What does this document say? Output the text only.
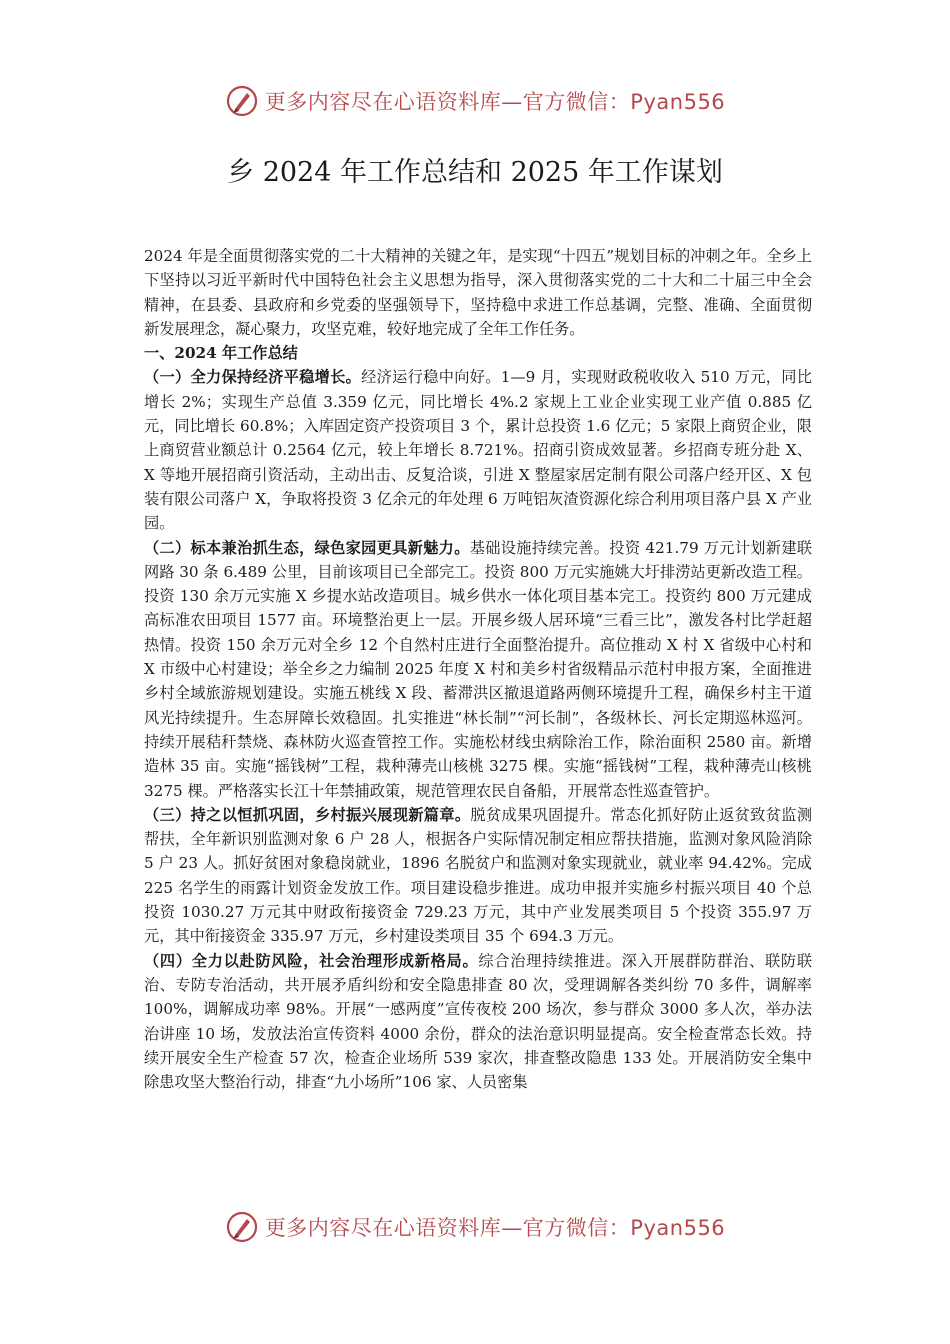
更多内容尽在心语资料库—官方微信：Pyan556
乡 2024 年工作总结和 2025 年工作谋划

2024 年是全面贯彻落实党的二十大精神的关键之年，是实现“十四五”规划目标的冲刺之年。全乡上下坚持以习近平新时代中国特色社会主义思想为指导，深入贯彻落实党的二十大和二十届三中全会精神，在县委、县政府和乡党委的坚强领导下，坚持稳中求进工作总基调，完整、准确、全面贯彻新发展理念，凝心聚力，攻坚克难，较好地完成了全年工作任务。

一、2024 年工作总结

（一）全力保持经济平稳增长。经济运行稳中向好。1—9 月，实现财政税收收入 510 万元，同比增长 2%；实现生产总值 3.359 亿元，同比增长 4%.2 家规上工业企业实现工业产值 0.885 亿元，同比增长 60.8%；入库固定资产投资项目 3 个，累计总投资 1.6 亿元；5 家限上商贸企业，限上商贸营业额总计 0.2564 亿元，较上年增长 8.721%。招商引资成效显著。乡招商专班分赴 X、X 等地开展招商引资活动，主动出击、反复洽谈，引进 X 整屋家居定制有限公司落户经开区、X 包装有限公司落户 X，争取将投资 3 亿余元的年处理 6 万吨铝灰渣资源化综合利用项目落户县 X 产业园。

（二）标本兼治抓生态，绿色家园更具新魅力。基础设施持续完善。投资 421.79 万元计划新建联网路 30 条 6.489 公里，目前该项目已全部完工。投资 800 万元实施姚大圩排涝站更新改造工程。投资 130 余万元实施 X 乡提水站改造项目。城乡供水一体化项目基本完工。投资约 800 万元建成高标准农田项目 1577 亩。环境整治更上一层。开展乡级人居环境“三看三比”，激发各村比学赶超热情。投资 150 余万元对全乡 12 个自然村庄进行全面整治提升。高位推动 X 村 X 省级中心村和 X 市级中心村建设；举全乡之力编制 2025 年度 X 村和美乡村省级精品示范村申报方案，全面推进乡村全域旅游规划建设。实施五桃线 X 段、蓄滞洪区撤退道路两侧环境提升工程，确保乡村主干道风光持续提升。生态屏障长效稳固。扎实推进“林长制”“河长制”，各级林长、河长定期巡林巡河。持续开展秸秆禁烧、森林防火巡查管控工作。实施松材线虫病除治工作，除治面积 2580 亩。新增造林 35 亩。实施“摇钱树”工程，栽种薄壳山核桃 3275 棵。实施“摇钱树”工程，栽种薄壳山核桃 3275 棵。严格落实长江十年禁捕政策，规范管理农民自备船，开展常态性巡查管护。

（三）持之以恒抓巩固，乡村振兴展现新篇章。脱贫成果巩固提升。常态化抓好防止返贫致贫监测帮扶，全年新识别监测对象 6 户 28 人，根据各户实际情况制定相应帮扶措施，监测对象风险消除 5 户 23 人。抓好贫困对象稳岗就业，1896 名脱贫户和监测对象实现就业，就业率 94.42%。完成 225 名学生的雨露计划资金发放工作。项目建设稳步推进。成功申报并实施乡村振兴项目 40 个总投资 1030.27 万元其中财政衔接资金 729.23 万元，其中产业发展类项目 5 个投资 355.97 万元，其中衔接资金 335.97 万元，乡村建设类项目 35 个 694.3 万元。

（四）全力以赴防风险，社会治理形成新格局。综合治理持续推进。深入开展群防群治、联防联治、专防专治活动，共开展矛盾纠纷和安全隐患排查 80 次，受理调解各类纠纷 70 多件，调解率 100%，调解成功率 98%。开展“一感两度”宣传夜校 200 场次，参与群众 3000 多人次，举办法治讲座 10 场，发放法治宣传资料 4000 余份，群众的法治意识明显提高。安全检查常态长效。持续开展安全生产检查 57 次，检查企业场所 539 家次，排查整改隐患 133 处。开展消防安全集中除患攻坚大整治行动，排查“九小场所”106 家、人员密集

更多内容尽在心语资料库—官方微信：Pyan556
